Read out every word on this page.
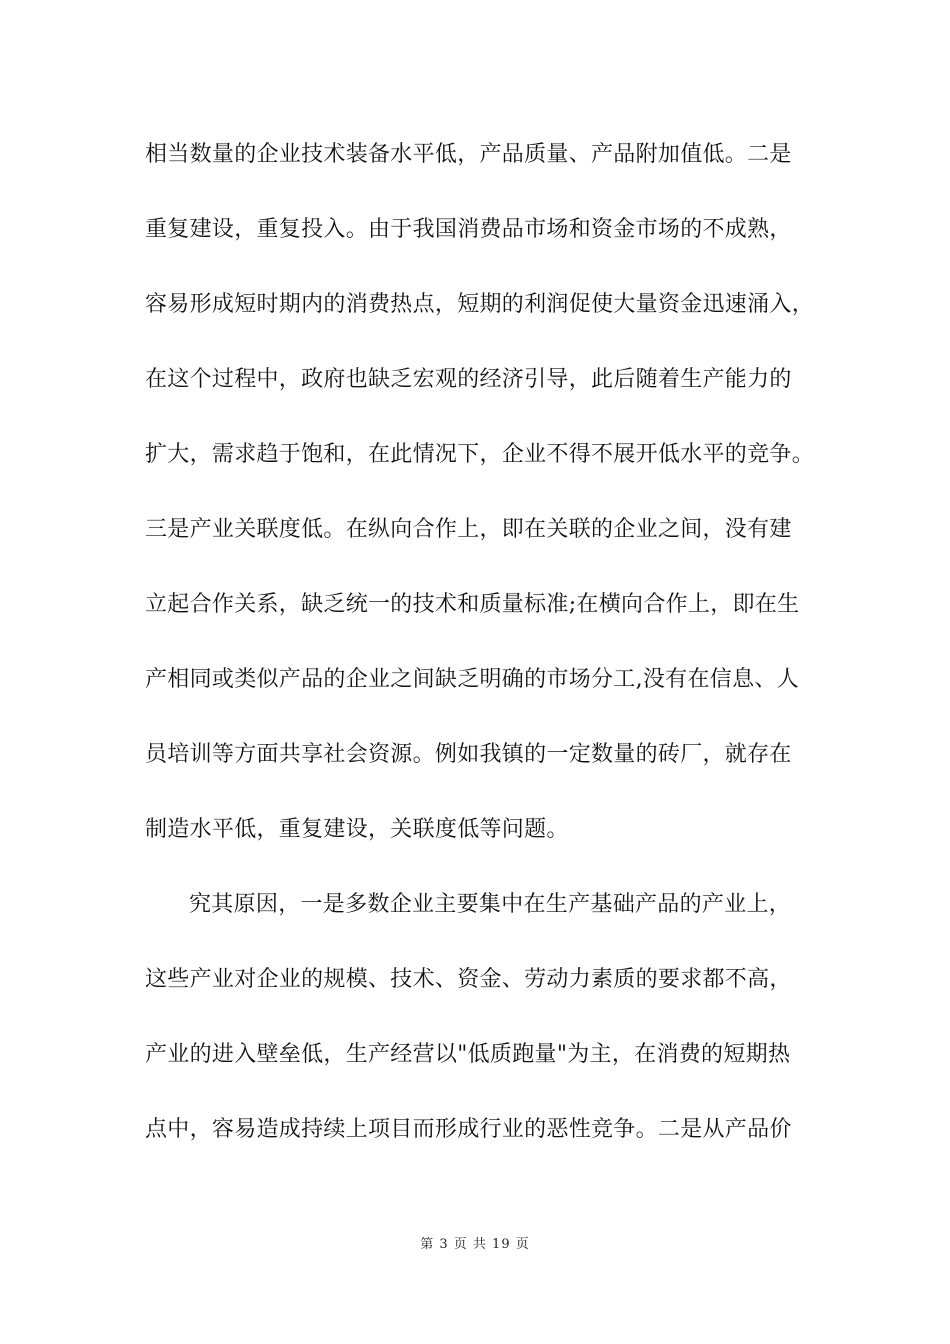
相当数量的企业技术装备水平低，产品质量、产品附加值低。二是
重复建设，重复投入。由于我国消费品市场和资金市场的不成熟，
容易形成短时期内的消费热点，短期的利润促使大量资金迅速涌入，
在这个过程中，政府也缺乏宏观的经济引导，此后随着生产能力的
扩大，需求趋于饱和，在此情况下，企业不得不展开低水平的竞争。
三是产业关联度低。在纵向合作上，即在关联的企业之间，没有建
立起合作关系，缺乏统一的技术和质量标准;在横向合作上，即在生
产相同或类似产品的企业之间缺乏明确的市场分工,没有在信息、人
员培训等方面共享社会资源。例如我镇的一定数量的砖厂，就存在
制造水平低，重复建设，关联度低等问题。
究其原因，一是多数企业主要集中在生产基础产品的产业上，
这些产业对企业的规模、技术、资金、劳动力素质的要求都不高，
产业的进入壁垒低，生产经营以"低质跑量"为主，在消费的短期热
点中，容易造成持续上项目而形成行业的恶性竞争。二是从产品价
第 3 页 共 19 页
